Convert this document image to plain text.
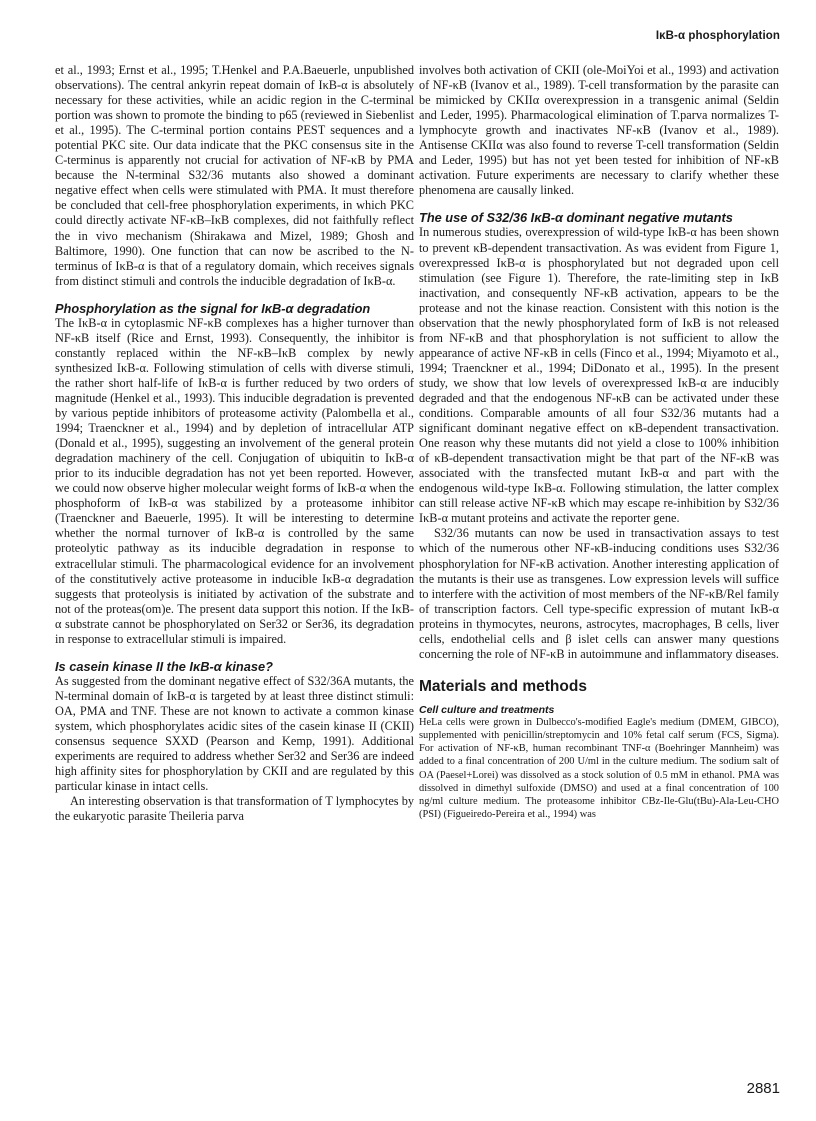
IκB-α phosphorylation

et al., 1993; Ernst et al., 1995; T.Henkel and P.A.Baeuerle, unpublished observations). The central ankyrin repeat domain of IκB-α is absolutely necessary for these activities, while an acidic region in the C-terminal portion was shown to promote the binding to p65 (reviewed in Siebenlist et al., 1995). The C-terminal portion contains PEST sequences and a potential PKC site. Our data indicate that the PKC consensus site in the C-terminus is apparently not crucial for activation of NF-κB by PMA because the N-terminal S32/36 mutants also showed a dominant negative effect when cells were stimulated with PMA. It must therefore be concluded that cell-free phosphorylation experiments, in which PKC could directly activate NF-κB–IκB complexes, did not faithfully reflect the in vivo mechanism (Shirakawa and Mizel, 1989; Ghosh and Baltimore, 1990). One function that can now be ascribed to the N-terminus of IκB-α is that of a regulatory domain, which receives signals from distinct stimuli and controls the inducible degradation of IκB-α.

Phosphorylation as the signal for IκB-α degradation

The IκB-α in cytoplasmic NF-κB complexes has a higher turnover than NF-κB itself (Rice and Ernst, 1993). Consequently, the inhibitor is constantly replaced within the NF-κB–IκB complex by newly synthesized IκB-α. Following stimulation of cells with diverse stimuli, the rather short half-life of IκB-α is further reduced by two orders of magnitude (Henkel et al., 1993). This inducible degradation is prevented by various peptide inhibitors of proteasome activity (Palombella et al., 1994; Traenckner et al., 1994) and by depletion of intracellular ATP (Donald et al., 1995), suggesting an involvement of the general protein degradation machinery of the cell. Conjugation of ubiquitin to IκB-α prior to its inducible degradation has not yet been reported. However, we could now observe higher molecular weight forms of IκB-α when the phosphoform of IκB-α was stabilized by a proteasome inhibitor (Traenckner and Baeuerle, 1995). It will be interesting to determine whether the normal turnover of IκB-α is controlled by the same proteolytic pathway as its inducible degradation in response to extracellular stimuli. The pharmacological evidence for an involvement of the constitutively active proteasome in inducible IκB-α degradation suggests that proteolysis is initiated by activation of the substrate and not of the proteas(om)e. The present data support this notion. If the IκB-α substrate cannot be phosphorylated on Ser32 or Ser36, its degradation in response to extracellular stimuli is impaired.

Is casein kinase II the IκB-α kinase?

As suggested from the dominant negative effect of S32/36A mutants, the N-terminal domain of IκB-α is targeted by at least three distinct stimuli: OA, PMA and TNF. These are not known to activate a common kinase system, which phosphorylates acidic sites of the casein kinase II (CKII) consensus sequence SXXD (Pearson and Kemp, 1991). Additional experiments are required to address whether Ser32 and Ser36 are indeed high affinity sites for phosphorylation by CKII and are regulated by this particular kinase in intact cells.

An interesting observation is that transformation of T lymphocytes by the eukaryotic parasite Theileria parva

involves both activation of CKII (ole-MoiYoi et al., 1993) and activation of NF-κB (Ivanov et al., 1989). T-cell transformation by the parasite can be mimicked by CKIIα overexpression in a transgenic animal (Seldin and Leder, 1995). Pharmacological elimination of T.parva normalizes T-lymphocyte growth and inactivates NF-κB (Ivanov et al., 1989). Antisense CKIIα was also found to reverse T-cell transformation (Seldin and Leder, 1995) but has not yet been tested for inhibition of NF-κB activation. Future experiments are necessary to clarify whether these phenomena are causally linked.

The use of S32/36 IκB-α dominant negative mutants

In numerous studies, overexpression of wild-type IκB-α has been shown to prevent κB-dependent transactivation. As was evident from Figure 1, overexpressed IκB-α is phosphorylated but not degraded upon cell stimulation (see Figure 1). Therefore, the rate-limiting step in IκB inactivation, and consequently NF-κB activation, appears to be the protease and not the kinase reaction. Consistent with this notion is the observation that the newly phosphorylated form of IκB is not released from NF-κB and that phosphorylation is not sufficient to allow the appearance of active NF-κB in cells (Finco et al., 1994; Miyamoto et al., 1994; Traenckner et al., 1994; DiDonato et al., 1995). In the present study, we show that low levels of overexpressed IκB-α are inducibly degraded and that the endogenous NF-κB can be activated under these conditions. Comparable amounts of all four S32/36 mutants had a significant dominant negative effect on κB-dependent transactivation. One reason why these mutants did not yield a close to 100% inhibition of κB-dependent transactivation might be that part of the NF-κB was associated with the transfected mutant IκB-α and part with the endogenous wild-type IκB-α. Following stimulation, the latter complex can still release active NF-κB which may escape re-inhibition by S32/36 IκB-α mutant proteins and activate the reporter gene.

S32/36 mutants can now be used in transactivation assays to test which of the numerous other NF-κB-inducing conditions uses S32/36 phosphorylation for NF-κB activation. Another interesting application of the mutants is their use as transgenes. Low expression levels will suffice to interfere with the activition of most members of the NF-κB/Rel family of transcription factors. Cell type-specific expression of mutant IκB-α proteins in thymocytes, neurons, astrocytes, macrophages, B cells, liver cells, endothelial cells and β islet cells can answer many questions concerning the role of NF-κB in autoimmune and inflammatory diseases.

Materials and methods
Cell culture and treatments

HeLa cells were grown in Dulbecco's-modified Eagle's medium (DMEM, GIBCO), supplemented with penicillin/streptomycin and 10% fetal calf serum (FCS, Sigma). For activation of NF-κB, human recombinant TNF-α (Boehringer Mannheim) was added to a final concentration of 200 U/ml in the culture medium. The sodium salt of OA (Paesel+Lorei) was dissolved as a stock solution of 0.5 mM in ethanol. PMA was dissolved in dimethyl sulfoxide (DMSO) and used at a final concentration of 100 ng/ml culture medium. The proteasome inhibitor CBz-Ile-Glu(tBu)-Ala-Leu-CHO (PSI) (Figueiredo-Pereira et al., 1994) was

2881
